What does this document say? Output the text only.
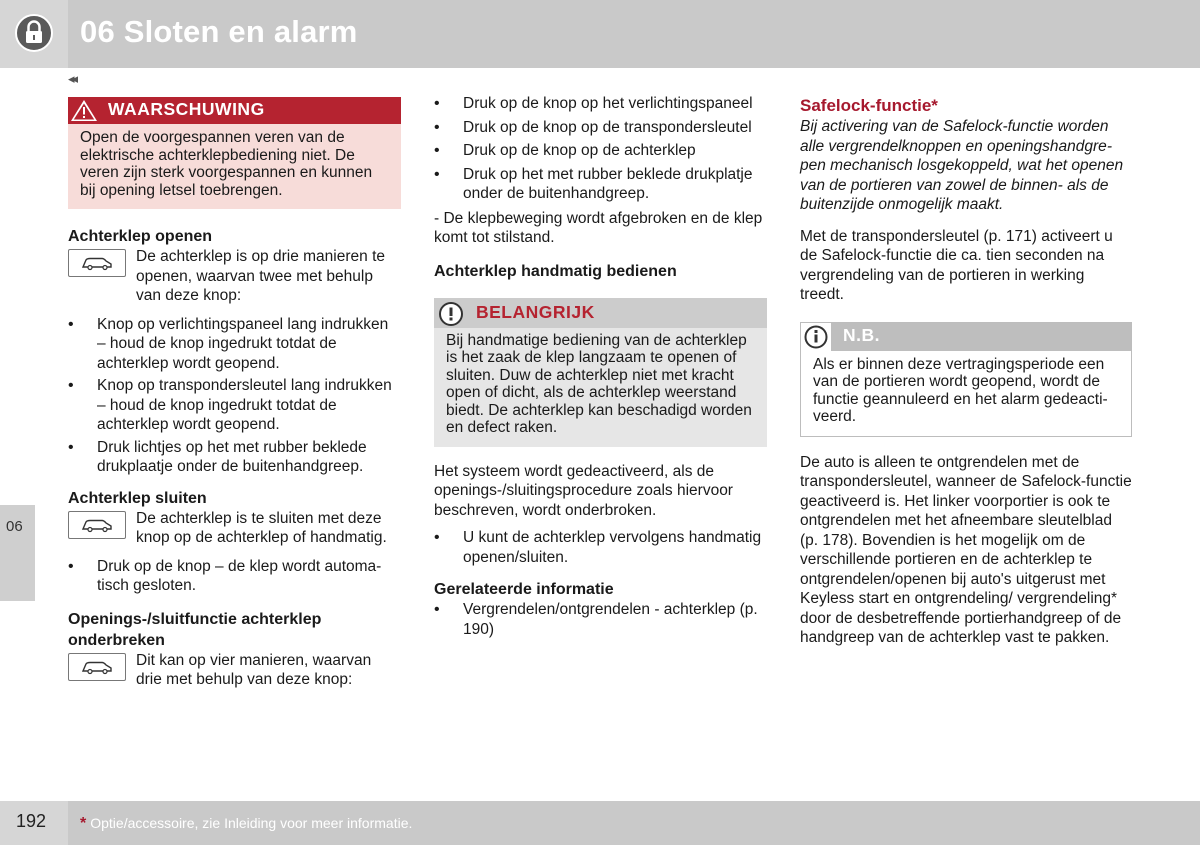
06 Sloten en alarm
◂◂
06
WAARSCHUWING
Open de voorgespannen veren van de elektrische achterklepbediening niet. De veren zijn sterk voorgespannen en kunnen bij opening letsel toebrengen.

Achterklep openen

De achterklep is op drie manieren te openen, waarvan twee met behulp van deze knop:

• Knop op verlichtingspaneel lang indrukken – houd de knop ingedrukt totdat de achterklep wordt geopend.
• Knop op transpondersleutel lang indrukken – houd de knop ingedrukt totdat de achterklep wordt geopend.
• Druk lichtjes op het met rubber beklede drukplaatje onder de buitenhandgreep.

Achterklep sluiten

De achterklep is te sluiten met deze knop op de achterklep of handmatig.

• Druk op de knop – de klep wordt automatisch gesloten.

Openings-/sluitfunctie achterklep

onderbreken

Dit kan op vier manieren, waarvan drie met behulp van deze knop:

• Druk op de knop op het verlichtingspaneel
• Druk op de knop op de transpondersleutel
• Druk op de knop op de achterklep
• Druk op het met rubber beklede drukplatje onder de buitenhandgreep.

- De klepbeweging wordt afgebroken en de klep komt tot stilstand.

Achterklep handmatig bedienen

BELANGRIJK
Bij handmatige bediening van de achterklep is het zaak de klep langzaam te openen of sluiten. Duw de achterklep niet met kracht open of dicht, als de achterklep weerstand biedt. De achterklep kan beschadigd worden en defect raken.

Het systeem wordt gedeactiveerd, als de openings-/sluitingsprocedure zoals hiervoor beschreven, wordt onderbroken.

• U kunt de achterklep vervolgens handmatig openen/sluiten.

Gerelateerde informatie

• Vergrendelen/ontgrendelen - achterklep (p. 190)

Safelock-functie*

Bij activering van de Safelock-functie worden alle vergrendelknoppen en openingshandgrepen mechanisch losgekoppeld, wat het openen van de portieren van zowel de binnen- als de buitenzijde onmogelijk maakt.

Met de transpondersleutel (p. 171) activeert u de Safelock-functie die ca. tien seconden na vergrendeling van de portieren in werking treedt.

N.B.
Als er binnen deze vertragingsperiode een van de portieren wordt geopend, wordt de functie geannuleerd en het alarm gedeactiveerd.

De auto is alleen te ontgrendelen met de transpondersleutel, wanneer de Safelock-functie geactiveerd is. Het linker voorportier is ook te ontgrendelen met het afneembare sleutelblad (p. 178). Bovendien is het mogelijk om de verschillende portieren en de achterklep te ontgrendelen/openen bij auto's uitgerust met Keyless start en ontgrendeling/ vergrendeling* door de desbetreffende portierhandgreep of de handgreep van de achterklep vast te pakken.

192 * Optie/accessoire, zie Inleiding voor meer informatie.
